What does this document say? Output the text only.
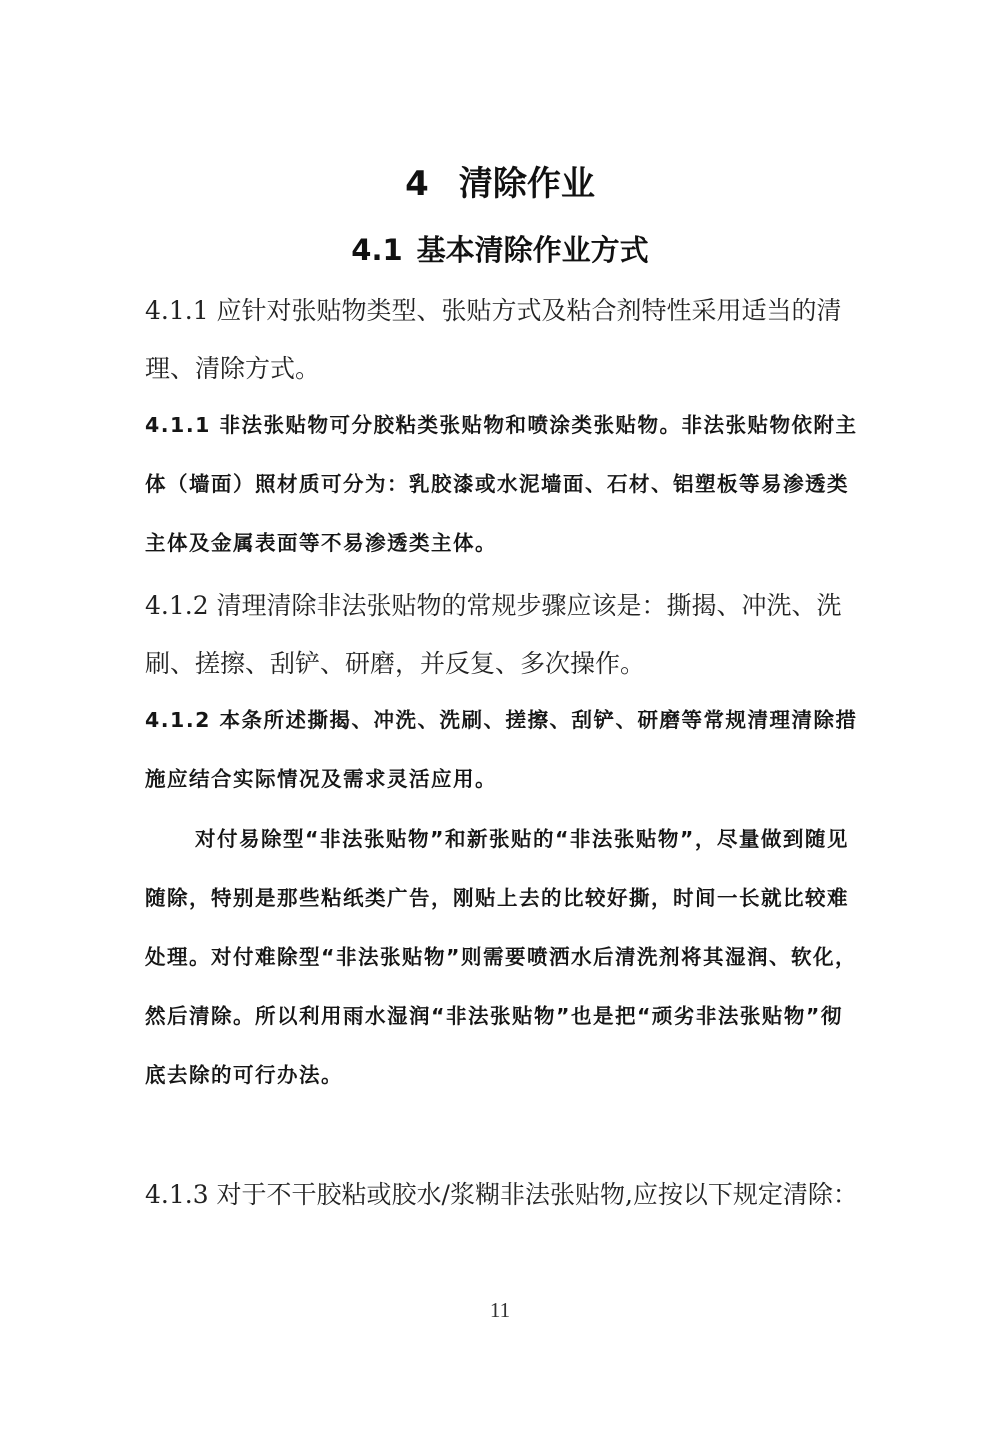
4 清除作业
4.1 基本清除作业方式

4.1.1 应针对张贴物类型、张贴方式及粘合剂特性采用适当的清理、清除方式。

4.1.1 非法张贴物可分胶粘类张贴物和喷涂类张贴物。非法张贴物依附主体（墙面）照材质可分为：乳胶漆或水泥墙面、石材、铝塑板等易渗透类主体及金属表面等不易渗透类主体。

4.1.2 清理清除非法张贴物的常规步骤应该是：撕揭、冲洗、洗刷、搓擦、刮铲、研磨，并反复、多次操作。

4.1.2 本条所述撕揭、冲洗、洗刷、搓擦、刮铲、研磨等常规清理清除措施应结合实际情况及需求灵活应用。

对付易除型“非法张贴物”和新张贴的“非法张贴物”，尽量做到随见随除，特别是那些粘纸类广告，刚贴上去的比较好撕，时间一长就比较难处理。对付难除型“非法张贴物”则需要喷洒水后清洗剂将其湿润、软化，然后清除。所以利用雨水湿润“非法张贴物”也是把“顽劣非法张贴物”彻底去除的可行办法。

4.1.3 对于不干胶粘或胶水/浆糊非法张贴物,应按以下规定清除：

11
